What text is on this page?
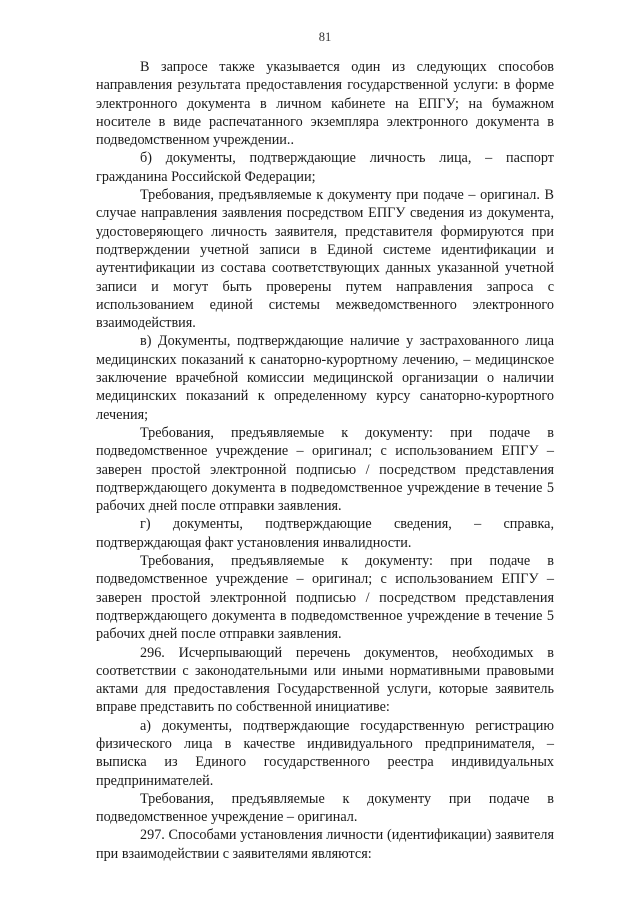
81

В запросе также указывается один из следующих способов направления результата предоставления государственной услуги: в форме электронного документа в личном кабинете на ЕПГУ; на бумажном носителе в виде распечатанного экземпляра электронного документа в подведомственном учреждении..

б) документы, подтверждающие личность лица, – паспорт гражданина Российской Федерации;

Требования, предъявляемые к документу при подаче – оригинал. В случае направления заявления посредством ЕПГУ сведения из документа, удостоверяющего личность заявителя, представителя формируются при подтверждении учетной записи в Единой системе идентификации и аутентификации из состава соответствующих данных указанной учетной записи и могут быть проверены путем направления запроса с использованием единой системы межведомственного электронного взаимодействия.

в) Документы, подтверждающие наличие у застрахованного лица медицинских показаний к санаторно-курортному лечению, – медицинское заключение врачебной комиссии медицинской организации о наличии медицинских показаний к определенному курсу санаторно-курортного лечения;

Требования, предъявляемые к документу: при подаче в подведомственное учреждение – оригинал; с использованием ЕПГУ – заверен простой электронной подписью / посредством представления подтверждающего документа в подведомственное учреждение в течение 5 рабочих дней после отправки заявления.

г) документы, подтверждающие сведения, – справка, подтверждающая факт установления инвалидности.

Требования, предъявляемые к документу: при подаче в подведомственное учреждение – оригинал; с использованием ЕПГУ – заверен простой электронной подписью / посредством представления подтверждающего документа в подведомственное учреждение в течение 5 рабочих дней после отправки заявления.

296. Исчерпывающий перечень документов, необходимых в соответствии с законодательными или иными нормативными правовыми актами для предоставления Государственной услуги, которые заявитель вправе представить по собственной инициативе:

а) документы, подтверждающие государственную регистрацию физического лица в качестве индивидуального предпринимателя, – выписка из Единого государственного реестра индивидуальных предпринимателей.

Требования, предъявляемые к документу при подаче в подведомственное учреждение – оригинал.

297. Способами установления личности (идентификации) заявителя при взаимодействии с заявителями являются:
